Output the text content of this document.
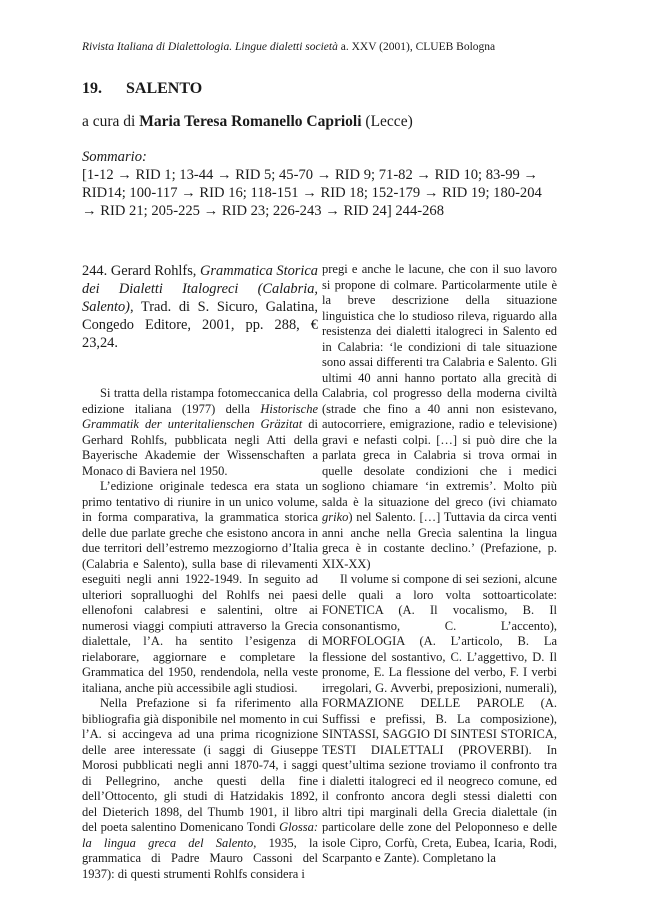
Rivista Italiana di Dialettologia. Lingue dialetti società a. XXV (2001), CLUEB Bologna
19. SALENTO
a cura di Maria Teresa Romanello Caprioli (Lecce)
Sommario:
[1-12 → RID 1; 13-44 → RID 5; 45-70 → RID 9; 71-82 → RID 10; 83-99 →
RID14; 100-117 → RID 16; 118-151 → RID 18; 152-179 → RID 19; 180-204
→ RID 21; 205-225 → RID 23; 226-243 → RID 24] 244-268
244. Gerard Rohlfs, Grammatica Storica dei Dialetti Italogreci (Calabria, Salento), Trad. di S. Sicuro, Galatina, Congedo Editore, 2001, pp. 288, € 23,24.

Si tratta della ristampa fotomeccanica della edizione italiana (1977) della Historische Grammatik der unteritalienschen Gräzitat di Gerhard Rohlfs, pubblicata negli Atti della Bayerische Akademie der Wissenschaften a Monaco di Baviera nel 1950.

L’edizione originale tedesca era stata un primo tentativo di riunire in un unico volume, in forma comparativa, la grammatica storica delle due parlate greche che esistono ancora in due territori dell’estremo mezzogiorno d’Italia (Calabria e Salento), sulla base di rilevamenti eseguiti negli anni 1922-1949. In seguito ad ulteriori sopralluoghi del Rohlfs nei paesi ellenofoni calabresi e salentini, oltre ai numerosi viaggi compiuti attraverso la Grecia dialettale, l’A. ha sentito l’esigenza di rielaborare, aggiornare e completare la Grammatica del 1950, rendendola, nella veste italiana, anche più accessibile agli studiosi.

Nella Prefazione si fa riferimento alla bibliografia già disponibile nel momento in cui l’A. si accingeva ad una prima ricognizione delle aree interessate (i saggi di Giuseppe Morosi pubblicati negli anni 1870-74, i saggi di Pellegrino, anche questi della fine dell’Ottocento, gli studi di Hatzidakis 1892, del Dieterich 1898, del Thumb 1901, il libro del poeta salentino Domenicano Tondi Glossa: la lingua greca del Salento, 1935, la grammatica di Padre Mauro Cassoni del 1937): di questi strumenti Rohlfs considera i

pregi e anche le lacune, che con il suo lavoro si propone di colmare. Particolarmente utile è la breve descrizione della situazione linguistica che lo studioso rileva, riguardo alla resistenza dei dialetti italogreci in Salento ed in Calabria: ‘le condizioni di tale situazione sono assai differenti tra Calabria e Salento. Gli ultimi 40 anni hanno portato alla grecità di Calabria, col progresso della moderna civiltà (strade che fino a 40 anni non esistevano, autocorriere, emigrazione, radio e televisione) gravi e nefasti colpi. […] si può dire che la parlata greca in Calabria si trova ormai in quelle desolate condizioni che i medici sogliono chiamare ‘in extremis’. Molto più salda è la situazione del greco (ivi chiamato griko) nel Salento. […] Tuttavia da circa venti anni anche nella Grecìa salentina la lingua greca è in costante declino.’ (Prefazione, p. XIX-XX)

Il volume si compone di sei sezioni, alcune delle quali a loro volta sottoarticolate: FONETICA (A. Il vocalismo, B. Il consonantismo, C. L’accento), MORFOLOGIA (A. L’articolo, B. La flessione del sostantivo, C. L’aggettivo, D. Il pronome, E. La flessione del verbo, F. I verbi irregolari, G. Avverbi, preposizioni, numerali), FORMAZIONE DELLE PAROLE (A. Suffissi e prefissi, B. La composizione), SINTASSI, SAGGIO DI SINTESI STORICA, TESTI DIALETTALI (PROVERBI). In quest’ultima sezione troviamo il confronto tra i dialetti italogreci ed il neogreco comune, ed il confronto ancora degli stessi dialetti con altri tipi marginali della Grecia dialettale (in particolare delle zone del Peloponneso e delle isole Cipro, Corfù, Creta, Eubea, Icaria, Rodi, Scarpanto e Zante). Completano la
